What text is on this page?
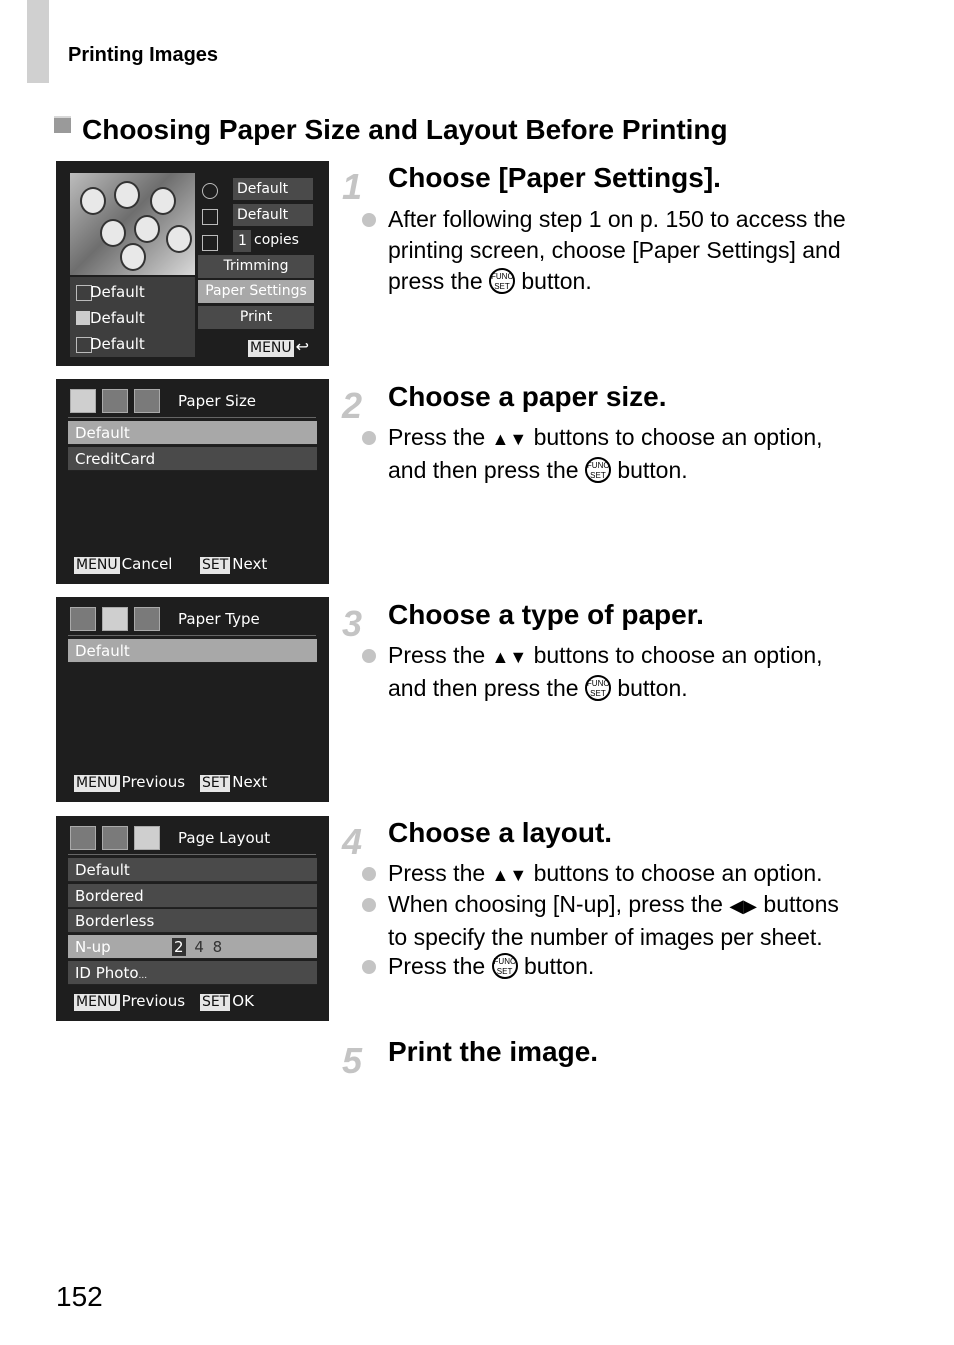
Printing Images
Choosing Paper Size and Layout Before Printing
Default
Default
1 copies
Trimming
Paper Settings
Print
Default
Default
Default	MENU ↩
Paper Size
Default
CreditCard
MENU Cancel SET Next
Paper Type
Default
MENU Previous SET Next
Page Layout
Default
Bordered
Borderless
N-up	2 4 8
ID Photo...
MENU Previous SET OK
1 Choose [Paper Settings].
After following step 1 on p. 150 to access the printing screen, choose [Paper Settings] and press the FUNC
SET button.
2 Choose a paper size.
Press the ▲▼ buttons to choose an option, and then press the FUNC
SET button.
3 Choose a type of paper.
Press the ▲▼ buttons to choose an option, and then press the FUNC
SET button.
4 Choose a layout.
Press the ▲▼ buttons to choose an option.
When choosing [N-up], press the ◀▶ buttons to specify the number of images per sheet.
Press the FUNC
SET button.
5 Print the image.
152
